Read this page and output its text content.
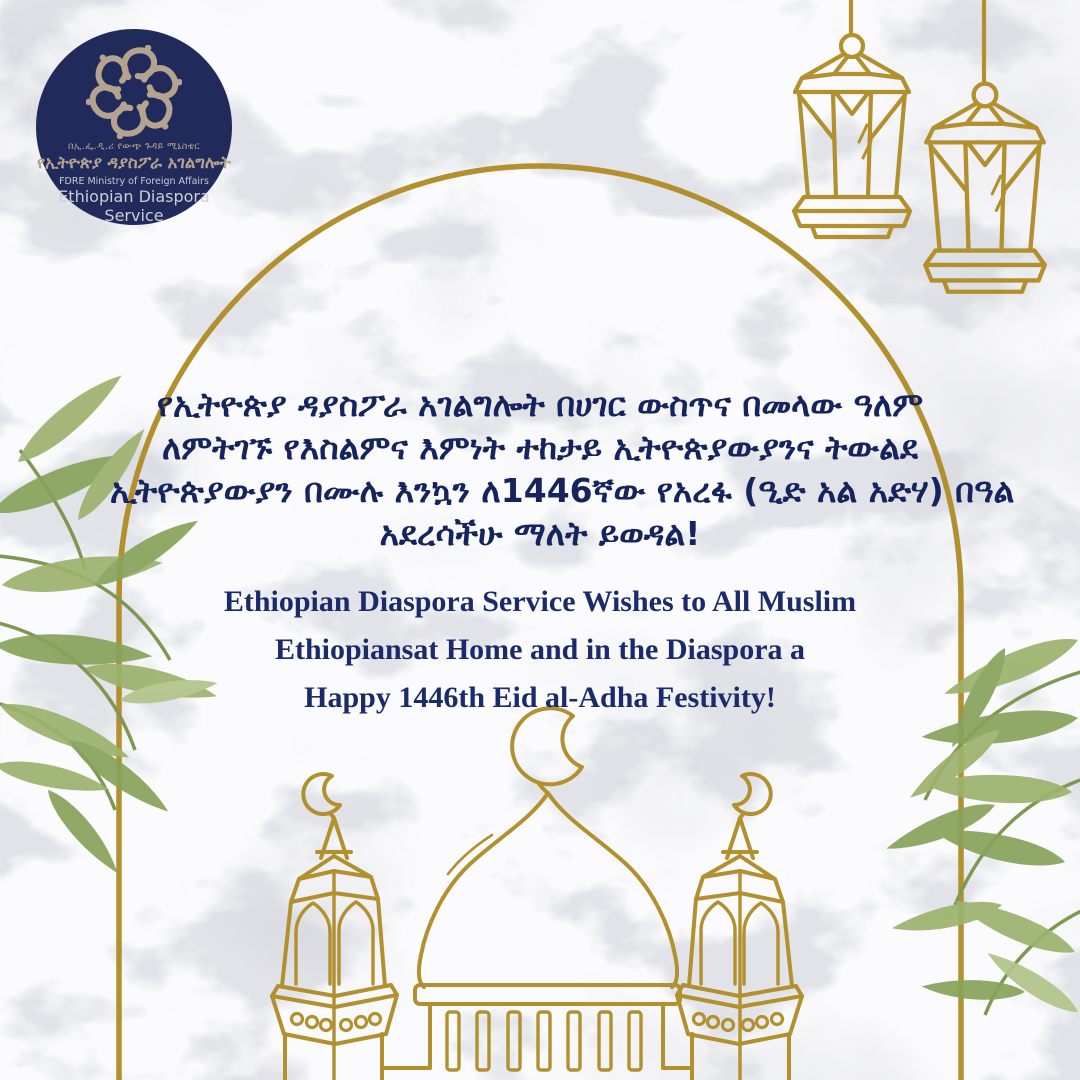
በኢ.ፌ.ዲ.ሪ የውጭ ጉዳይ ሚኒስቴር
የኢትዮጵያ ዳያስፖራ አገልግሎት
FDRE Ministry of Foreign Affairs
Ethiopian Diaspora Service
የኢትዮጵያ ዳያስፖራ አገልግሎት በሀገር ውስጥና በመላው ዓለም
ለምትገኙ የእስልምና እምነት ተከታይ ኢትዮጵያውያንና ትውልደ
ኢትዮጵያውያን በሙሉ እንኳን ለ1446ኛው የአረፋ (ዒድ አል አድሃ) በዓል
አደረሳችሁ ማለት ይወዳል!
Ethiopian Diaspora Service Wishes to All Muslim
Ethiopiansat Home and in the Diaspora a
Happy 1446th Eid al-Adha Festivity!
